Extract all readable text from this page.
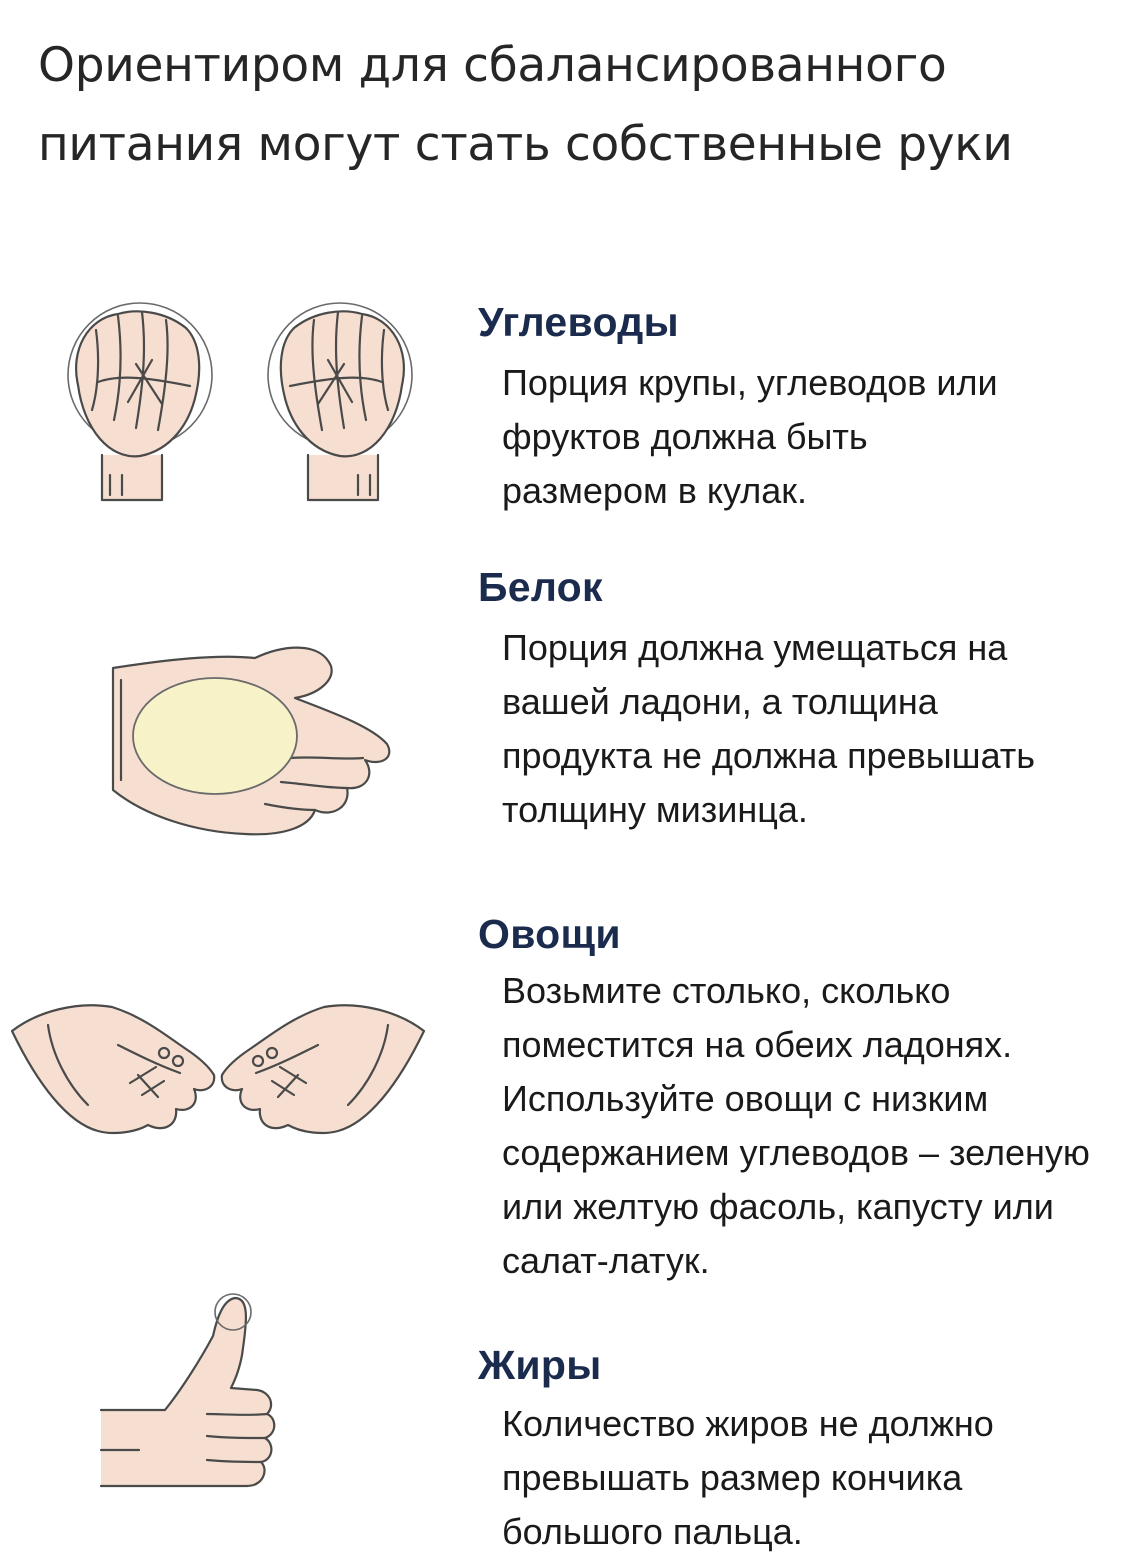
Ориентиром для сбалансированного питания могут стать собственные руки
Углеводы

Порция крупы, углеводов или фруктов должна быть размером в кулак.

Белок

Порция должна умещаться на вашей ладони, а толщина продукта не должна превышать толщину мизинца.

Овощи

Возьмите столько, сколько поместится на обеих ладонях. Используйте овощи с низким содержанием углеводов – зеленую или желтую фасоль, капусту или салат-латук.

Жиры

Количество жиров не должно превышать размер кончика большого пальца.
